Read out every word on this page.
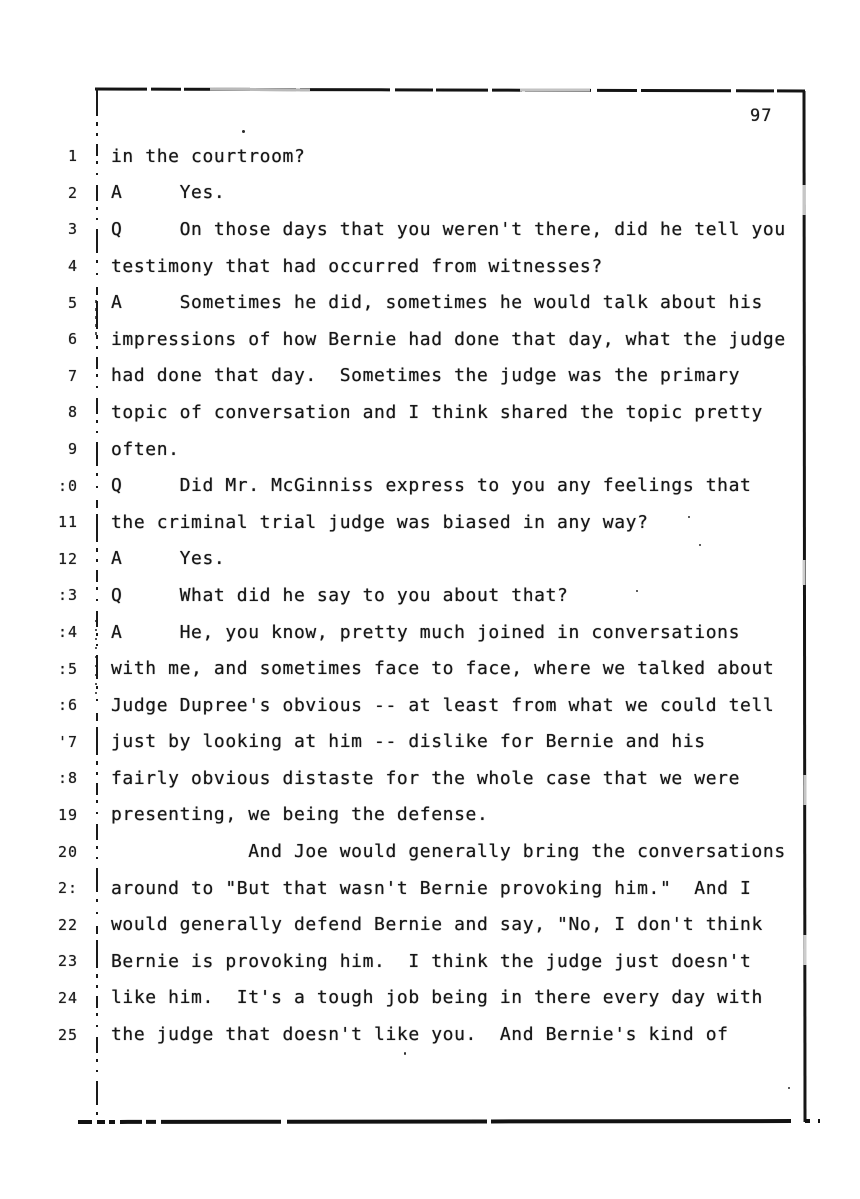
97
1 in the courtroom?
2 A     Yes.
3 Q     On those days that you weren't there, did he tell you
4 testimony that had occurred from witnesses?
5 A     Sometimes he did, sometimes he would talk about his
6 impressions of how Bernie had done that day, what the judge
7 had done that day.  Sometimes the judge was the primary
8 topic of conversation and I think shared the topic pretty
9 often.
:0 Q     Did Mr. McGinniss express to you any feelings that
11 the criminal trial judge was biased in any way?
12 A     Yes.
:3 Q     What did he say to you about that?
:4 A     He, you know, pretty much joined in conversations
:5 with me, and sometimes face to face, where we talked about
:6 Judge Dupree's obvious -- at least from what we could tell
'7 just by looking at him -- dislike for Bernie and his
:8 fairly obvious distaste for the whole case that we were
19 presenting, we being the defense.
20 And Joe would generally bring the conversations
2: around to "But that wasn't Bernie provoking him."  And I
22 would generally defend Bernie and say, "No, I don't think
23 Bernie is provoking him.  I think the judge just doesn't
24 like him.  It's a tough job being in there every day with
25 the judge that doesn't like you.  And Bernie's kind of
